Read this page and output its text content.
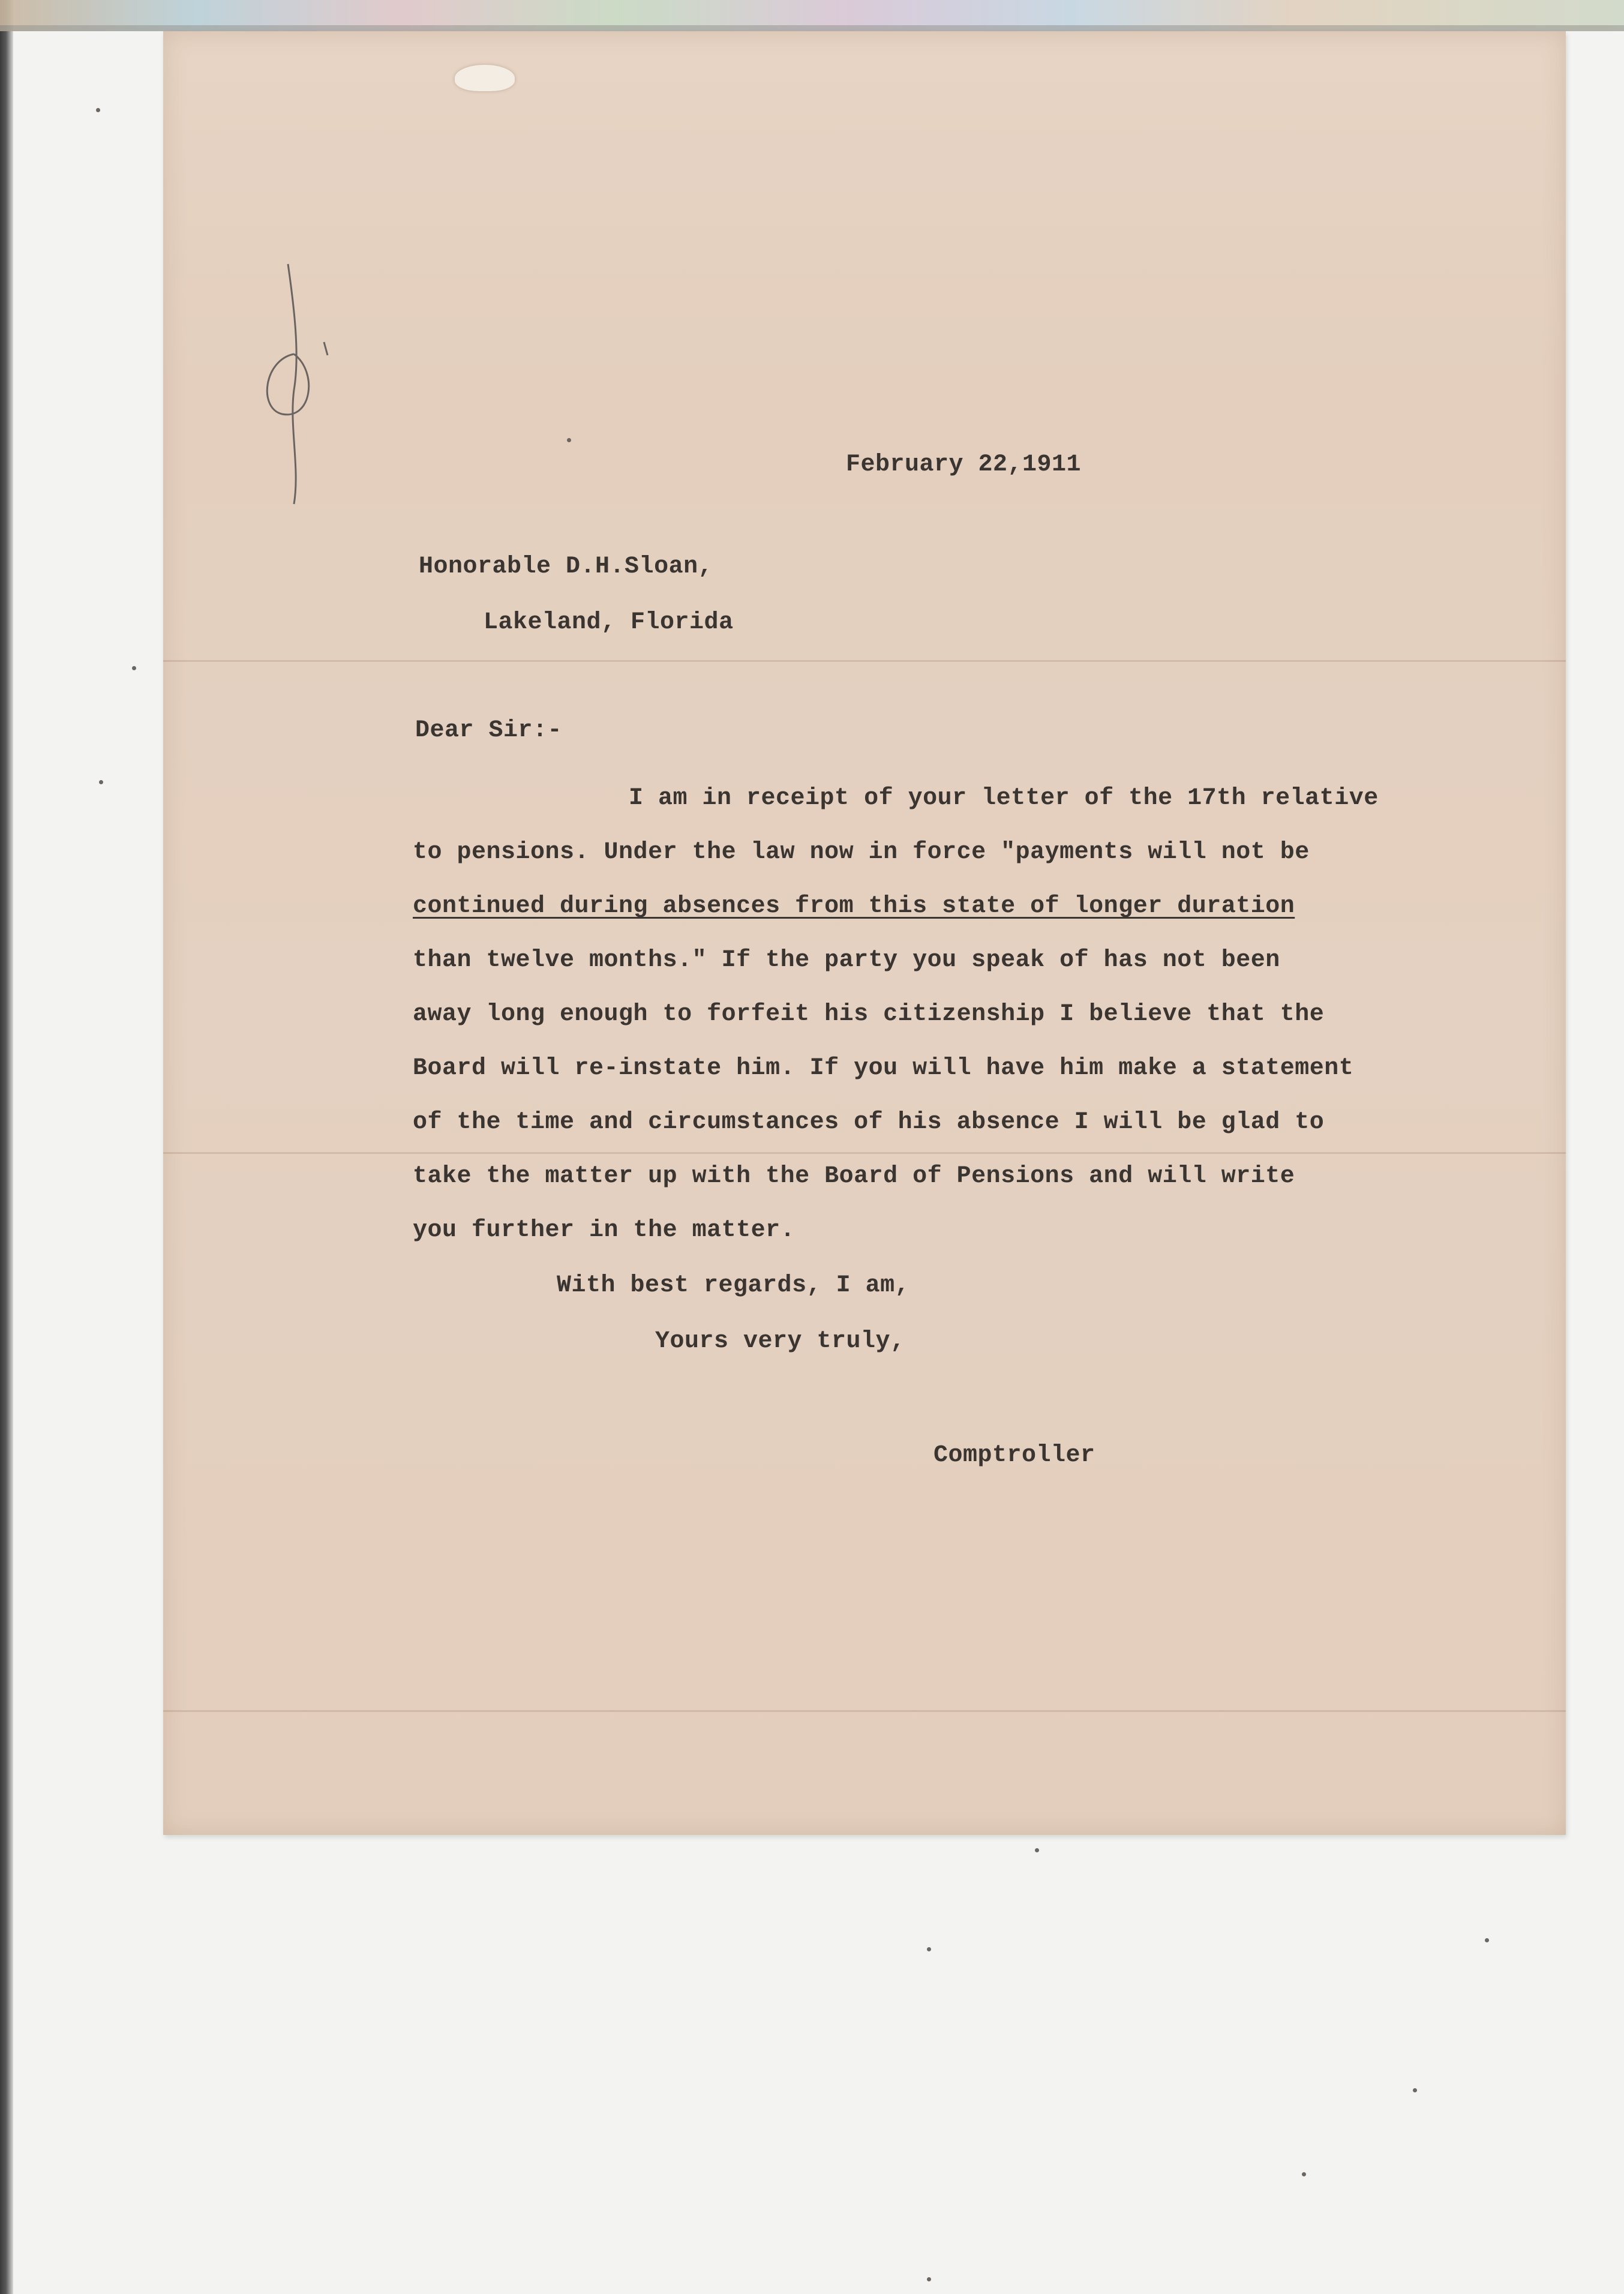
February 22,1911
Honorable D.H.Sloan,
Lakeland, Florida
Dear Sir:-
I am in receipt of your letter of the 17th relative
to pensions. Under the law now in force "payments will not be
continued during absences from this state of longer duration
than twelve months." If the party you speak of has not been
away long enough to forfeit his citizenship I believe that the
Board will re-instate him. If you will have him make a statement
of the time and circumstances of his absence I will be glad to
take the matter up with the Board of Pensions and will write
you further in the matter.
With best regards, I am,
Yours very truly,
Comptroller
